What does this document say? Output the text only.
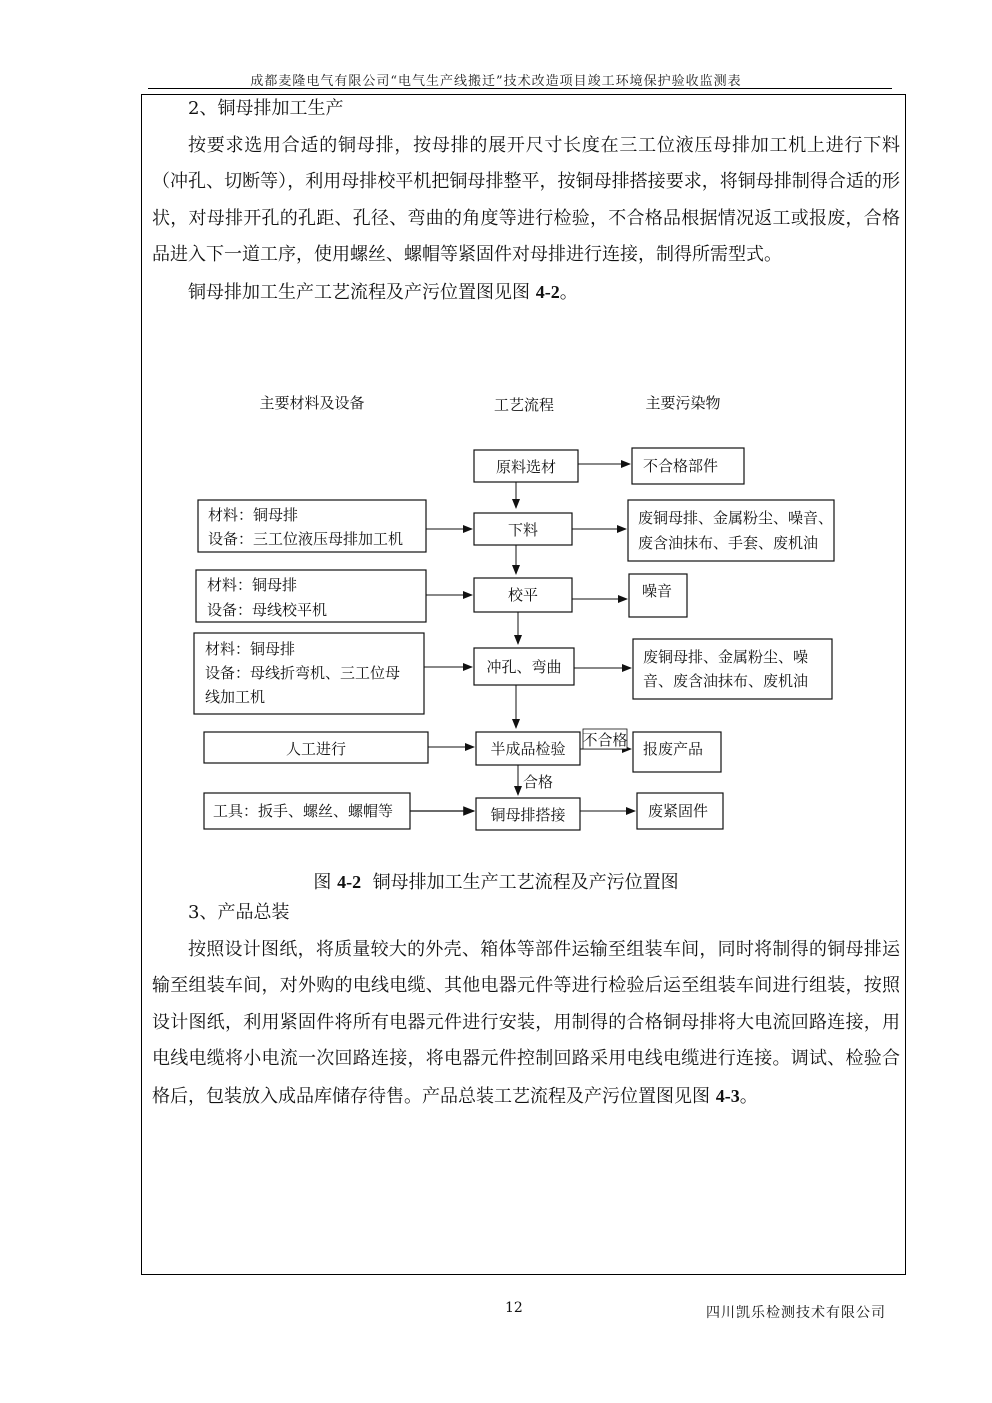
成都麦隆电气有限公司“电气生产线搬迁”技术改造项目竣工环境保护验收监测表

2、铜母排加工生产

按要求选用合适的铜母排，按母排的展开尺寸长度在三工位液压母排加工机上进行下料（冲孔、切断等），利用母排校平机把铜母排整平，按铜母排搭接要求，将铜母排制得合适的形状，对母排开孔的孔距、孔径、弯曲的角度等进行检验，不合格品根据情况返工或报废，合格品进入下一道工序，使用螺丝、螺帽等紧固件对母排进行连接，制得所需型式。

铜母排加工生产工艺流程及产污位置图见图 4-2。

主要材料及设备	工艺流程	主要污染物
合格
原料选材
下料
校平
冲孔、弯曲
半成品检验
铜母排搭接
材料：铜母排
设备：三工位液压母排加工机
材料：铜母排
设备：母线校平机
材料：铜母排
设备：母线折弯机、三工位母
线加工机
人工进行
工具：扳手、螺丝、螺帽等
不合格部件
废铜母排、金属粉尘、噪音、
废含油抹布、手套、废机油
噪音
废铜母排、金属粉尘、噪
音、废含油抹布、废机油
报废产品
废紧固件
不合格
图 4-2  铜母排加工生产工艺流程及产污位置图

3、产品总装

按照设计图纸，将质量较大的外壳、箱体等部件运输至组装车间，同时将制得的铜母排运输至组装车间，对外购的电线电缆、其他电器元件等进行检验后运至组装车间进行组装，按照设计图纸，利用紧固件将所有电器元件进行安装，用制得的合格铜母排将大电流回路连接，用电线电缆将小电流一次回路连接，将电器元件控制回路采用电线电缆进行连接。调试、检验合格后，包装放入成品库储存待售。产品总装工艺流程及产污位置图见图 4-3。

12	四川凯乐检测技术有限公司
